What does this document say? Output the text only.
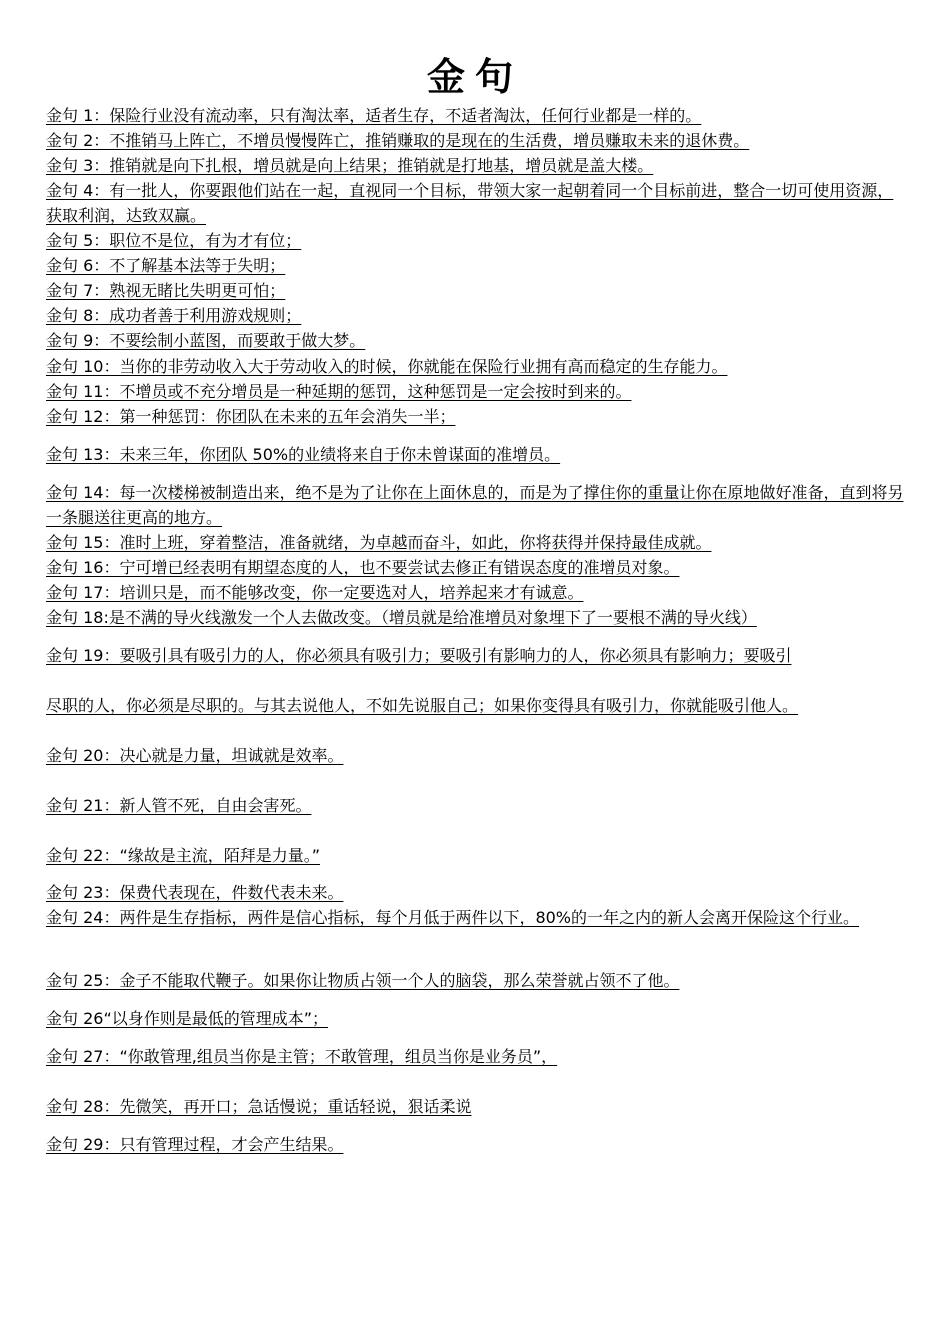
金句
金句 1：保险行业没有流动率，只有淘汰率，适者生存，不适者淘汰，任何行业都是一样的。
金句 2：不推销马上阵亡，不增员慢慢阵亡，推销赚取的是现在的生活费，增员赚取未来的退休费。
金句 3：推销就是向下扎根，增员就是向上结果；推销就是打地基，增员就是盖大楼。
金句 4：有一批人，你要跟他们站在一起，直视同一个目标，带领大家一起朝着同一个目标前进，整合一切可使用资源，获取利润，达致双赢。
金句 5：职位不是位，有为才有位；
金句 6：不了解基本法等于失明；
金句 7：熟视无睹比失明更可怕；
金句 8：成功者善于利用游戏规则；
金句 9：不要绘制小蓝图，而要敢于做大梦。
金句 10：当你的非劳动收入大于劳动收入的时候，你就能在保险行业拥有高而稳定的生存能力。
金句 11：不增员或不充分增员是一种延期的惩罚，这种惩罚是一定会按时到来的。
金句 12：第一种惩罚：你团队在未来的五年会消失一半；
金句 13：未来三年，你团队 50%的业绩将来自于你未曾谋面的准增员。
金句 14：每一次楼梯被制造出来，绝不是为了让你在上面休息的，而是为了撑住你的重量让你在原地做好准备，直到将另一条腿送往更高的地方。
金句 15：准时上班，穿着整洁，准备就绪，为卓越而奋斗，如此，你将获得并保持最佳成就。
金句 16：宁可增已经表明有期望态度的人，也不要尝试去修正有错误态度的准增员对象。
金句 17：培训只是，而不能够改变，你一定要选对人，培养起来才有诚意。
金句 18:是不满的导火线激发一个人去做改变。（增员就是给准增员对象埋下了一要根不满的导火线）
金句 19：要吸引具有吸引力的人，你必须具有吸引力；要吸引有影响力的人，你必须具有影响力；要吸引
尽职的人，你必须是尽职的。与其去说他人，不如先说服自己；如果你变得具有吸引力，你就能吸引他人。
金句 20：决心就是力量，坦诚就是效率。
金句 21：新人管不死，自由会害死。
金句 22：“缘故是主流，陌拜是力量。”
金句 23：保费代表现在，件数代表未来。
金句 24：两件是生存指标，两件是信心指标，每个月低于两件以下，80%的一年之内的新人会离开保险这个行业。
金句 25：金子不能取代鞭子。如果你让物质占领一个人的脑袋，那么荣誉就占领不了他。
金句 26“以身作则是最低的管理成本”；
金句 27：“你敢管理,组员当你是主管；不敢管理，组员当你是业务员”，
金句 28：先微笑，再开口；急话慢说；重话轻说，狠话柔说
金句 29：只有管理过程，才会产生结果。
